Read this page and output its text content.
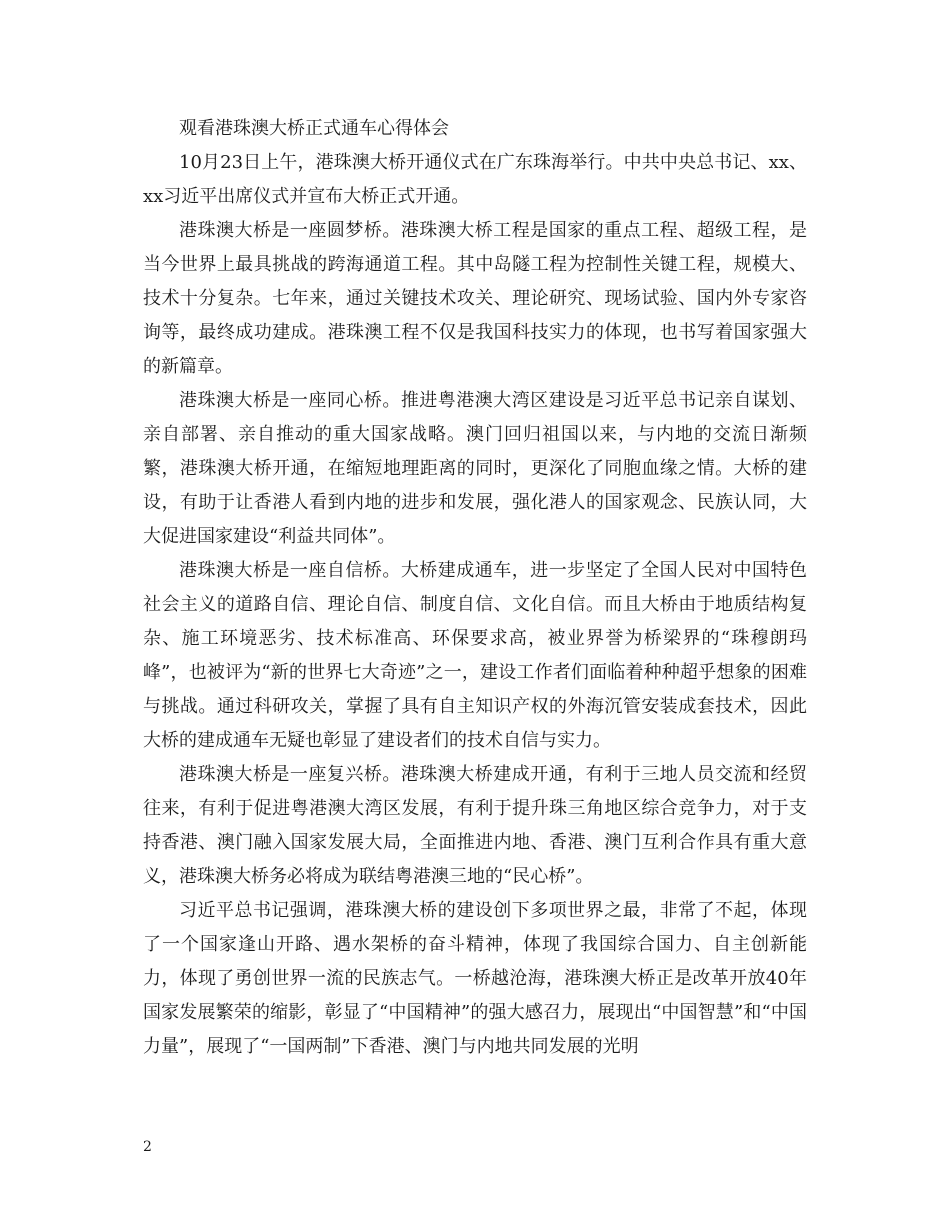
观看港珠澳大桥正式通车心得体会

10月23日上午，港珠澳大桥开通仪式在广东珠海举行。中共中央总书记、xx、xx习近平出席仪式并宣布大桥正式开通。

港珠澳大桥是一座圆梦桥。港珠澳大桥工程是国家的重点工程、超级工程，是当今世界上最具挑战的跨海通道工程。其中岛隧工程为控制性关键工程，规模大、技术十分复杂。七年来，通过关键技术攻关、理论研究、现场试验、国内外专家咨询等，最终成功建成。港珠澳工程不仅是我国科技实力的体现，也书写着国家强大的新篇章。

港珠澳大桥是一座同心桥。推进粤港澳大湾区建设是习近平总书记亲自谋划、亲自部署、亲自推动的重大国家战略。澳门回归祖国以来，与内地的交流日渐频繁，港珠澳大桥开通，在缩短地理距离的同时，更深化了同胞血缘之情。大桥的建设，有助于让香港人看到内地的进步和发展，强化港人的国家观念、民族认同，大大促进国家建设“利益共同体”。

港珠澳大桥是一座自信桥。大桥建成通车，进一步坚定了全国人民对中国特色社会主义的道路自信、理论自信、制度自信、文化自信。而且大桥由于地质结构复杂、施工环境恶劣、技术标准高、环保要求高，被业界誉为桥梁界的“珠穆朗玛峰”，也被评为“新的世界七大奇迹”之一，建设工作者们面临着种种超乎想象的困难与挑战。通过科研攻关，掌握了具有自主知识产权的外海沉管安装成套技术，因此大桥的建成通车无疑也彰显了建设者们的技术自信与实力。

港珠澳大桥是一座复兴桥。港珠澳大桥建成开通，有利于三地人员交流和经贸往来，有利于促进粤港澳大湾区发展，有利于提升珠三角地区综合竞争力，对于支持香港、澳门融入国家发展大局，全面推进内地、香港、澳门互利合作具有重大意义，港珠澳大桥务必将成为联结粤港澳三地的“民心桥”。

习近平总书记强调，港珠澳大桥的建设创下多项世界之最，非常了不起，体现了一个国家逢山开路、遇水架桥的奋斗精神，体现了我国综合国力、自主创新能力，体现了勇创世界一流的民族志气。一桥越沧海，港珠澳大桥正是改革开放40年国家发展繁荣的缩影，彰显了“中国精神”的强大感召力，展现出“中国智慧”和“中国力量”，展现了“一国两制”下香港、澳门与内地共同发展的光明

2
